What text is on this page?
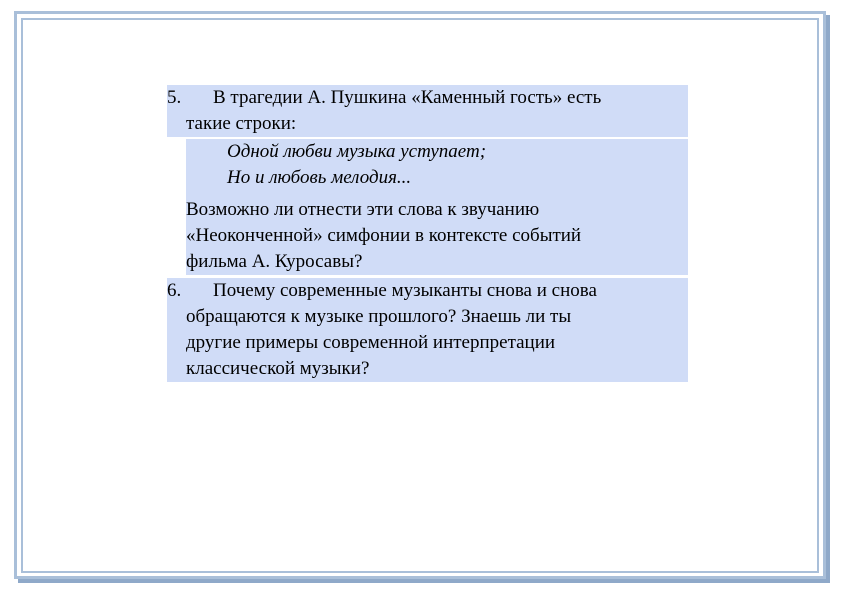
5.	В трагедии А. Пушкина «Каменный гость» есть
такие строки:
Одной любви музыка уступает;
Но и любовь мелодия...
Возможно ли отнести эти слова к звучанию
«Неоконченной» симфонии в контексте событий
фильма А. Куросавы?
6.	Почему современные музыканты снова и снова
обращаются к музыке прошлого? Знаешь ли ты
другие примеры современной интерпретации
классической музыки?
